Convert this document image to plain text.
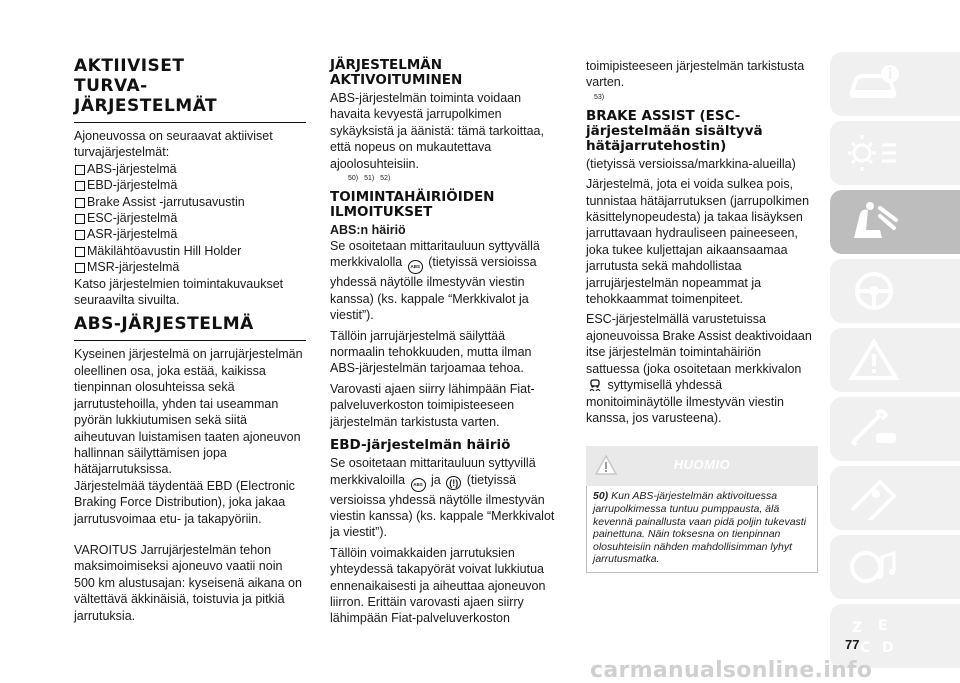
AKTIIVISET
TURVA-
JÄRJESTELMÄT

Ajoneuvossa on seuraavat aktiiviset turvajärjestelmät:

ABS-järjestelmä
EBD-järjestelmä
Brake Assist -jarrutusavustin
ESC-järjestelmä
ASR-järjestelmä
Mäkilähtöavustin Hill Holder
MSR-järjestelmä

Katso järjestelmien toimintakuvaukset seuraavilta sivuilta.

ABS-JÄRJESTELMÄ

Kyseinen järjestelmä on jarrujärjestelmän oleellinen osa, joka estää, kaikissa tienpinnan olosuhteissa sekä jarrutustehoilla, yhden tai useamman pyörän lukkiutumisen sekä siitä aiheutuvan luistamisen taaten ajoneuvon hallinnan säilyttämisen jopa hätäjarrutuksissa.

Järjestelmää täydentää EBD (Electronic Braking Force Distribution), joka jakaa jarrutusvoimaa etu- ja takapyöriin.

VAROITUS Jarrujärjestelmän tehon maksimoimiseksi ajoneuvo vaatii noin 500 km alustusajan: kyseisenä aikana on vältettävä äkkinäisiä, toistuvia ja pitkiä jarrutuksia.

JÄRJESTELMÄN
AKTIVOITUMINEN

ABS-järjestelmän toiminta voidaan havaita kevyestä jarrupolkimen sykäyksistä ja äänistä: tämä tarkoittaa, että nopeus on mukautettava ajoolosuhteisiin.

50) 51) 52)
TOIMINTAHÄIRIÖIDEN
ILMOITUKSET
ABS:n häiriö

Se osoitetaan mittaritauluun syttyvällä merkkivalolla ABS (tietyissä versioissa yhdessä näytölle ilmestyvän viestin kanssa) (ks. kappale “Merkkivalot ja viestit”).

Tällöin jarrujärjestelmä säilyttää normaalin tehokkuuden, mutta ilman ABS-järjestelmän tarjoamaa tehoa.

Varovasti ajaen siirry lähimpään Fiat-palveluverkoston toimipisteeseen järjestelmän tarkistusta varten.

EBD-järjestelmän häiriö

Se osoitetaan mittaritauluun syttyvillä merkkivaloilla ABS ja (!) (tietyissä versioissa yhdessä näytölle ilmestyvän viestin kanssa) (ks. kappale “Merkkivalot ja viestit”).

Tällöin voimakkaiden jarrutuksien yhteydessä takapyörät voivat lukkiutua ennenaikaisesti ja aiheuttaa ajoneuvon liirron. Erittäin varovasti ajaen siirry lähimpään Fiat-palveluverkoston

toimipisteeseen järjestelmän tarkistusta varten.

53)
BRAKE ASSIST (ESC-
järjestelmään sisältyvä
hätäjarrutehostin)

(tietyissä versioissa/markkina-alueilla)

Järjestelmä, jota ei voida sulkea pois, tunnistaa hätäjarrutuksen (jarrupolkimen käsittelynopeudesta) ja takaa lisäyksen jarruttavaan hydrauliseen paineeseen, joka tukee kuljettajan aikaansaamaa jarrutusta sekä mahdollistaa jarrujärjestelmän nopeammat ja tehokkaammat toimenpiteet.

ESC-järjestelmällä varustetuissa ajoneuvoissa Brake Assist deaktivoidaan itse järjestelmän toimintahäiriön sattuessa (joka osoitetaan merkkivalon  syttymisellä yhdessä monitoiminäytölle ilmestyvän viestin kanssa, jos varusteena).

HUOMIO
50) Kun ABS-järjestelmän aktivoituessa jarrupolkimessa tuntuu pumppausta, älä kevennä painallusta vaan pidä poljin tukevasti painettuna. Näin toksesna on tienpinnan olosuhteisiin nähden mahdollisimman lyhyt jarrutusmatka.
Z E
C D
77
carmanualsonline.info
